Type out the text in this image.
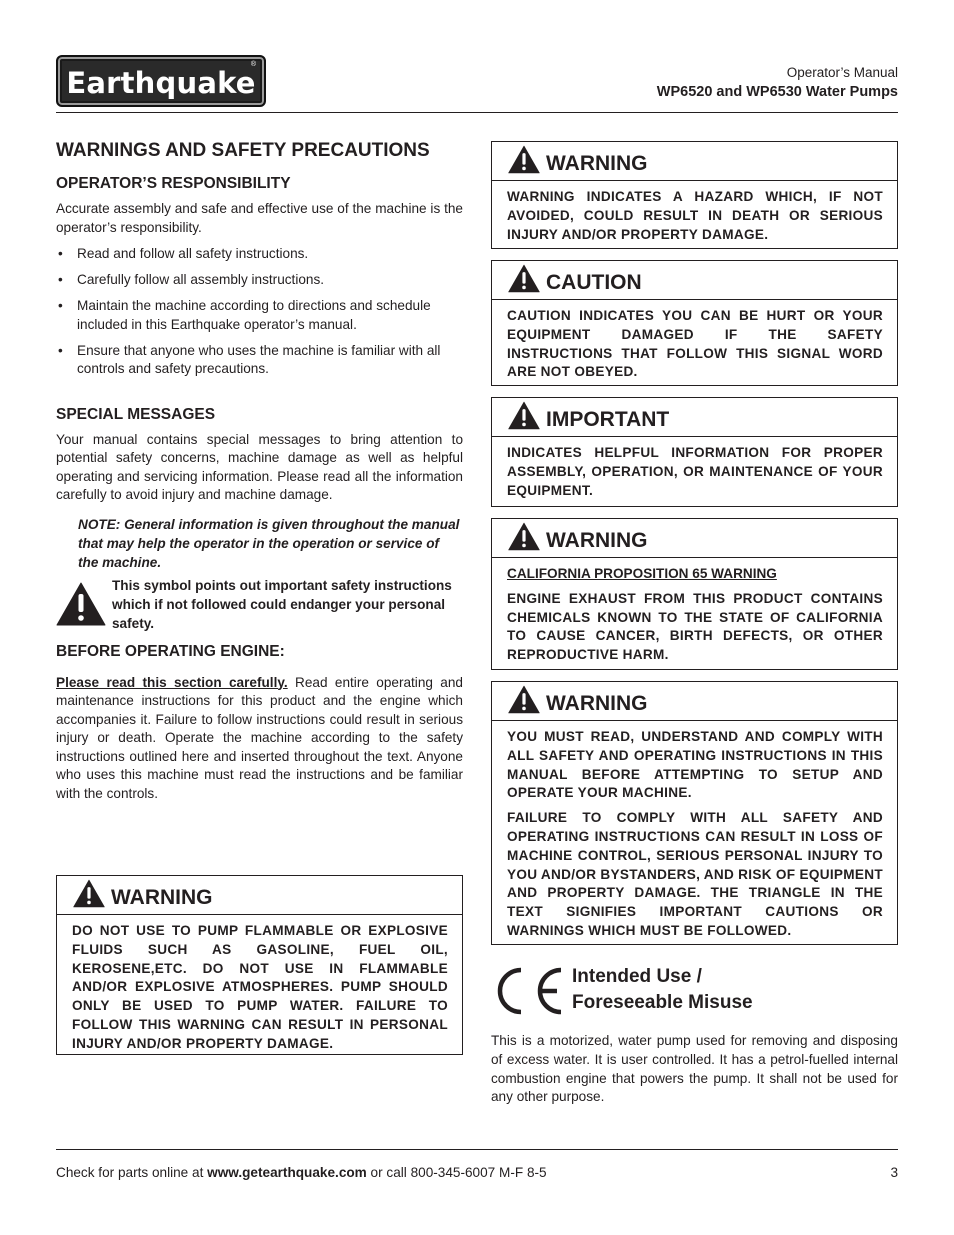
Earthquake
®
Operator’s Manual
WP6520 and WP6530 Water Pumps
WARNINGS AND SAFETY PRECAUTIONS
OPERATOR’S RESPONSIBILITY

Accurate assembly and safe and effective use of the machine is the operator’s responsibility.

• Read and follow all safety instructions.
• Carefully follow all assembly instructions.
• Maintain the machine according to directions and schedule included in this Earthquake operator’s manual.
• Ensure that anyone who uses the machine is familiar with all controls and safety precautions.
SPECIAL MESSAGES

Your manual contains special messages to bring attention to potential safety concerns, machine damage as well as helpful operating and servicing information. Please read all the information carefully to avoid injury and machine damage.

NOTE: General information is given throughout the manual that may help the operator in the operation or service of the machine.
This symbol points out important safety instructions which if not followed could endanger your personal safety.
BEFORE OPERATING ENGINE:

Please read this section carefully. Read entire operating and maintenance instructions for this product and the engine which accompanies it. Failure to follow instructions could result in serious injury or death. Operate the machine according to the safety instructions outlined here and inserted throughout the text. Anyone who uses this machine must read the instructions and be familiar with the controls.

WARNING

DO NOT USE TO PUMP FLAMMABLE OR EXPLOSIVE FLUIDS SUCH AS GASOLINE, FUEL OIL, KEROSENE,ETC. DO NOT USE IN FLAMMABLE AND/OR EXPLOSIVE ATMOSPHERES. PUMP SHOULD ONLY BE USED TO PUMP WATER. FAILURE TO FOLLOW THIS WARNING CAN RESULT IN PERSONAL INJURY AND/OR PROPERTY DAMAGE.

WARNING

WARNING INDICATES A HAZARD WHICH, IF NOT AVOIDED, COULD RESULT IN DEATH OR SERIOUS INJURY AND/OR PROPERTY DAMAGE.

CAUTION

CAUTION INDICATES YOU CAN BE HURT OR YOUR EQUIPMENT DAMAGED IF THE SAFETY INSTRUCTIONS THAT FOLLOW THIS SIGNAL WORD ARE NOT OBEYED.

IMPORTANT

INDICATES HELPFUL INFORMATION FOR PROPER ASSEMBLY, OPERATION, OR MAINTENANCE OF YOUR EQUIPMENT.

WARNING
CALIFORNIA PROPOSITION 65 WARNING

ENGINE EXHAUST FROM THIS PRODUCT CONTAINS CHEMICALS KNOWN TO THE STATE OF CALIFORNIA TO CAUSE CANCER, BIRTH DEFECTS, OR OTHER REPRODUCTIVE HARM.

WARNING

YOU MUST READ, UNDERSTAND AND COMPLY WITH ALL SAFETY AND OPERATING INSTRUCTIONS IN THIS MANUAL BEFORE ATTEMPTING TO SETUP AND OPERATE YOUR MACHINE.

FAILURE TO COMPLY WITH ALL SAFETY AND OPERATING INSTRUCTIONS CAN RESULT IN LOSS OF MACHINE CONTROL, SERIOUS PERSONAL INJURY TO YOU AND/OR BYSTANDERS, AND RISK OF EQUIPMENT AND PROPERTY DAMAGE. THE TRIANGLE IN THE TEXT SIGNIFIES IMPORTANT CAUTIONS OR WARNINGS WHICH MUST BE FOLLOWED.

Intended Use /
Foreseeable Misuse

This is a motorized, water pump used for removing and disposing of excess water. It is user controlled. It has a petrol-fuelled internal combustion engine that powers the pump. It shall not be used for any other purpose.

Check for parts online at www.getearthquake.com or call 800-345-6007 M-F 8-5	3
